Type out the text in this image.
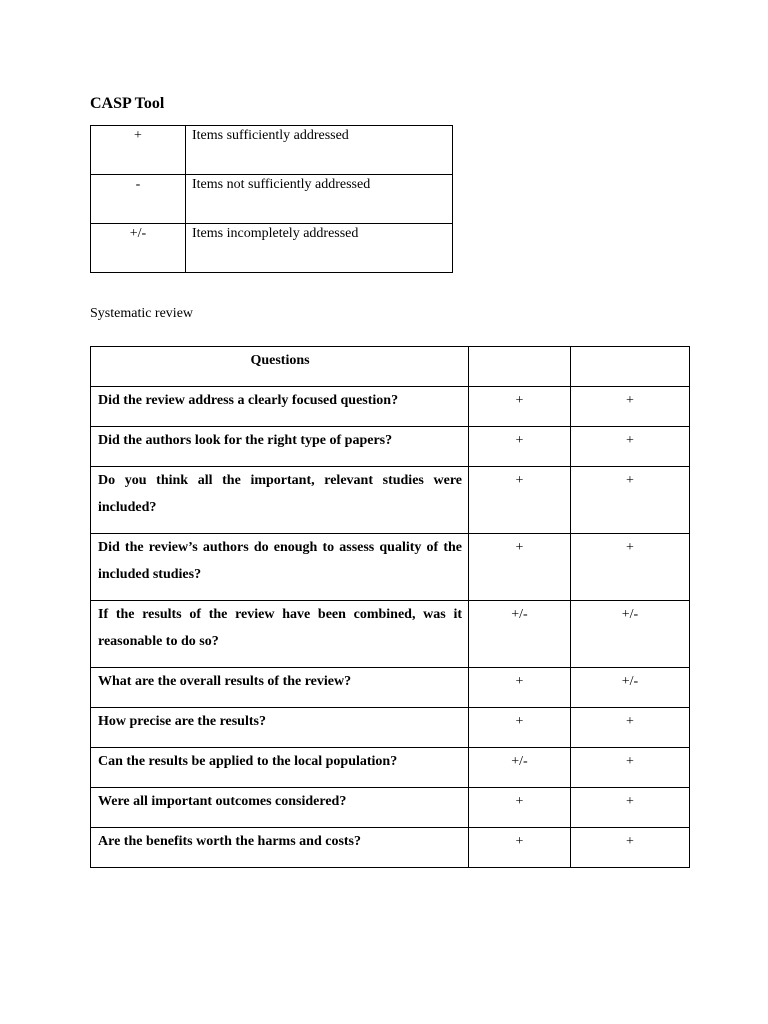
CASP Tool
+	Items sufficiently addressed
-	Items not sufficiently addressed
+/-	Items incompletely addressed

Systematic review

Questions		
Did the review address a clearly focused question?	+	+
Did the authors look for the right type of papers?	+	+

Do you think all the important, relevant studies were included?	+	+

Did the review’s authors do enough to assess quality of the included studies?	+	+

If the results of the review have been combined, was it reasonable to do so?	+/-	+/-
What are the overall results of the review?	+	+/-
How precise are the results?	+	+
Can the results be applied to the local population?	+/-	+
Were all important outcomes considered?	+	+
Are the benefits worth the harms and costs?	+	+
